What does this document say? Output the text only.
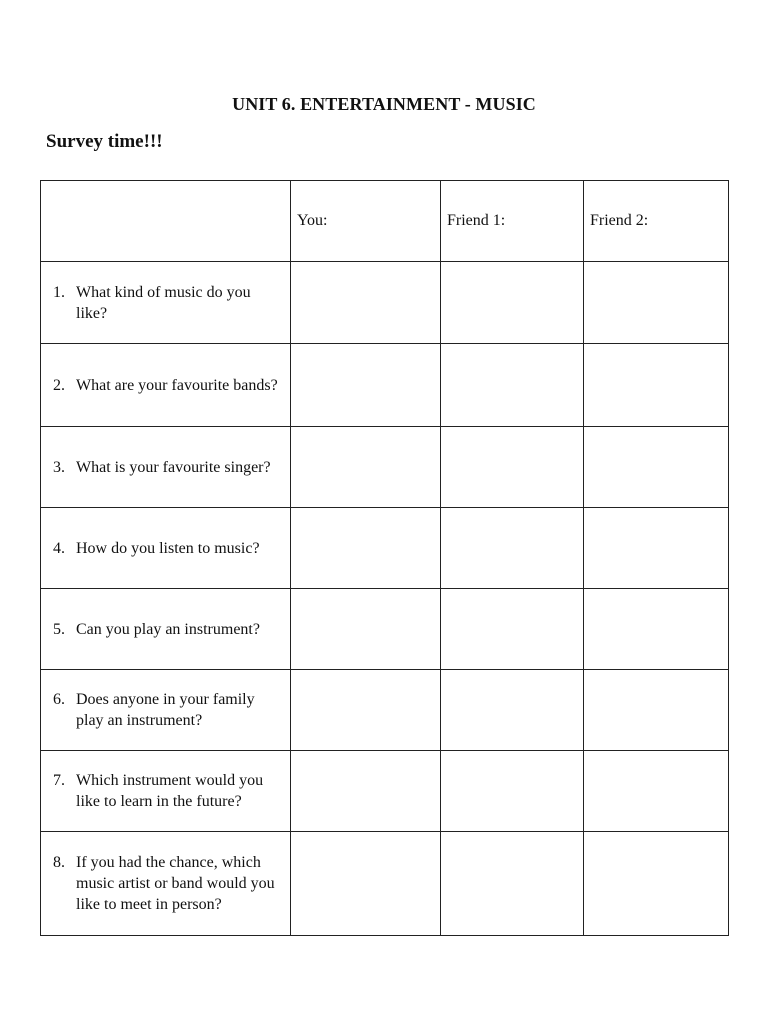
UNIT 6. ENTERTAINMENT - MUSIC
Survey time!!!
	You:	Friend 1:	Friend 2:

1. What kind of music do you like?			

2. What are your favourite bands?			

3. What is your favourite singer?			

4. How do you listen to music?			

5. Can you play an instrument?			

6. Does anyone in your family play an instrument?			

7. Which instrument would you like to learn in the future?			

8. If you had the chance, which music artist or band would you like to meet in person?			
